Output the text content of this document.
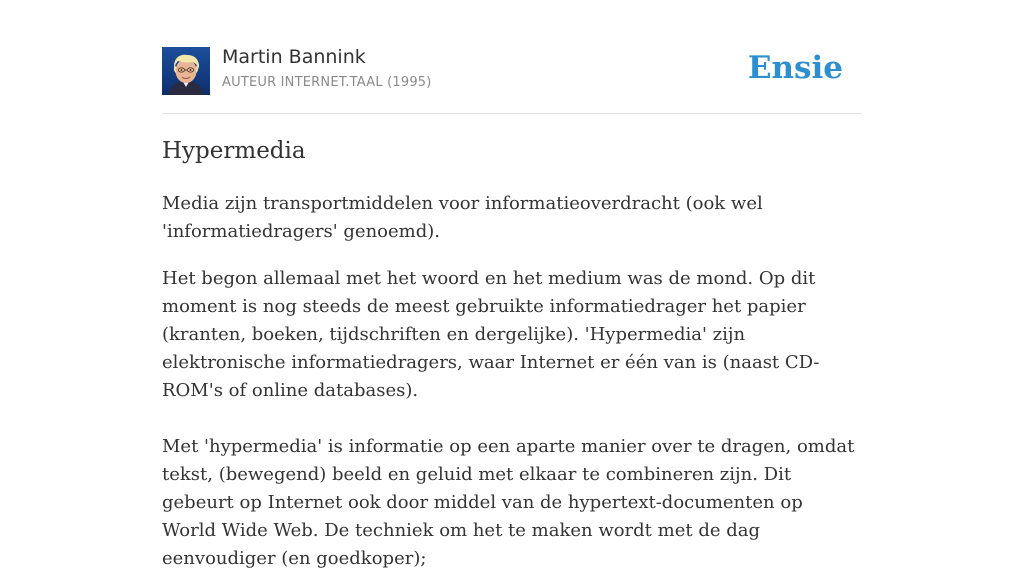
Martin Bannink
AUTEUR INTERNET.TAAL (1995)	Ensie
Hypermedia

Media zijn transportmiddelen voor informatieoverdracht (ook wel 'informatiedragers' genoemd).

Het begon allemaal met het woord en het medium was de mond. Op dit moment is nog steeds de meest gebruikte informatiedrager het papier (kranten, boeken, tijdschriften en dergelijke). 'Hypermedia' zijn elektronische informatiedragers, waar Internet er één van is (naast CD-ROM's of online databases).

Met 'hypermedia' is informatie op een aparte manier over te dragen, omdat tekst, (bewegend) beeld en geluid met elkaar te combineren zijn. Dit gebeurt op Internet ook door middel van de hypertext-documenten op World Wide Web. De techniek om het te maken wordt met de dag eenvoudiger (en goedkoper);
